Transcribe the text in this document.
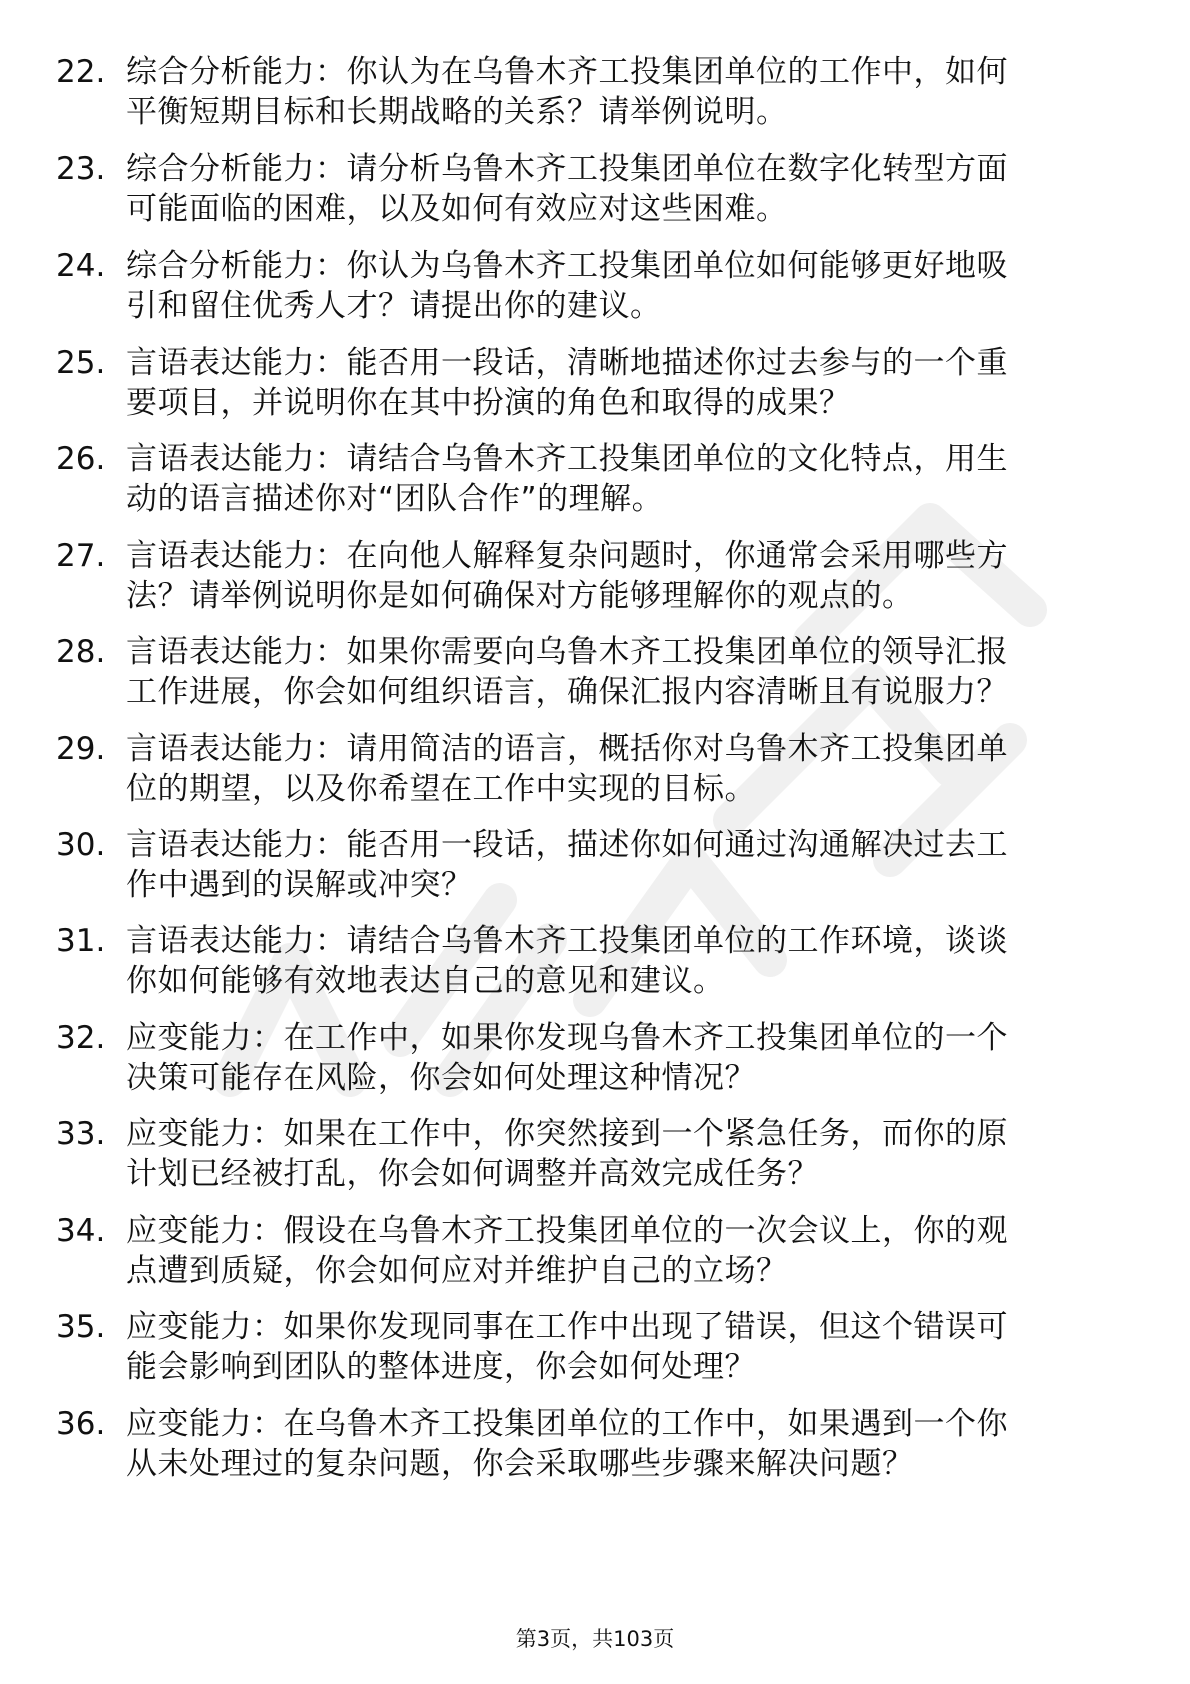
22. 综合分析能力：你认为在乌鲁木齐工投集团单位的工作中，如何
平衡短期目标和长期战略的关系？请举例说明。
23. 综合分析能力：请分析乌鲁木齐工投集团单位在数字化转型方面
可能面临的困难，以及如何有效应对这些困难。
24. 综合分析能力：你认为乌鲁木齐工投集团单位如何能够更好地吸
引和留住优秀人才？请提出你的建议。
25. 言语表达能力：能否用一段话，清晰地描述你过去参与的一个重
要项目，并说明你在其中扮演的角色和取得的成果？
26. 言语表达能力：请结合乌鲁木齐工投集团单位的文化特点，用生
动的语言描述你对“团队合作”的理解。
27. 言语表达能力：在向他人解释复杂问题时，你通常会采用哪些方
法？请举例说明你是如何确保对方能够理解你的观点的。
28. 言语表达能力：如果你需要向乌鲁木齐工投集团单位的领导汇报
工作进展，你会如何组织语言，确保汇报内容清晰且有说服力？
29. 言语表达能力：请用简洁的语言，概括你对乌鲁木齐工投集团单
位的期望，以及你希望在工作中实现的目标。
30. 言语表达能力：能否用一段话，描述你如何通过沟通解决过去工
作中遇到的误解或冲突？
31. 言语表达能力：请结合乌鲁木齐工投集团单位的工作环境，谈谈
你如何能够有效地表达自己的意见和建议。
32. 应变能力：在工作中，如果你发现乌鲁木齐工投集团单位的一个
决策可能存在风险，你会如何处理这种情况？
33. 应变能力：如果在工作中，你突然接到一个紧急任务，而你的原
计划已经被打乱，你会如何调整并高效完成任务？
34. 应变能力：假设在乌鲁木齐工投集团单位的一次会议上，你的观
点遭到质疑，你会如何应对并维护自己的立场？
35. 应变能力：如果你发现同事在工作中出现了错误，但这个错误可
能会影响到团队的整体进度，你会如何处理？
36. 应变能力：在乌鲁木齐工投集团单位的工作中，如果遇到一个你
从未处理过的复杂问题，你会采取哪些步骤来解决问题？
第3页，共103页
